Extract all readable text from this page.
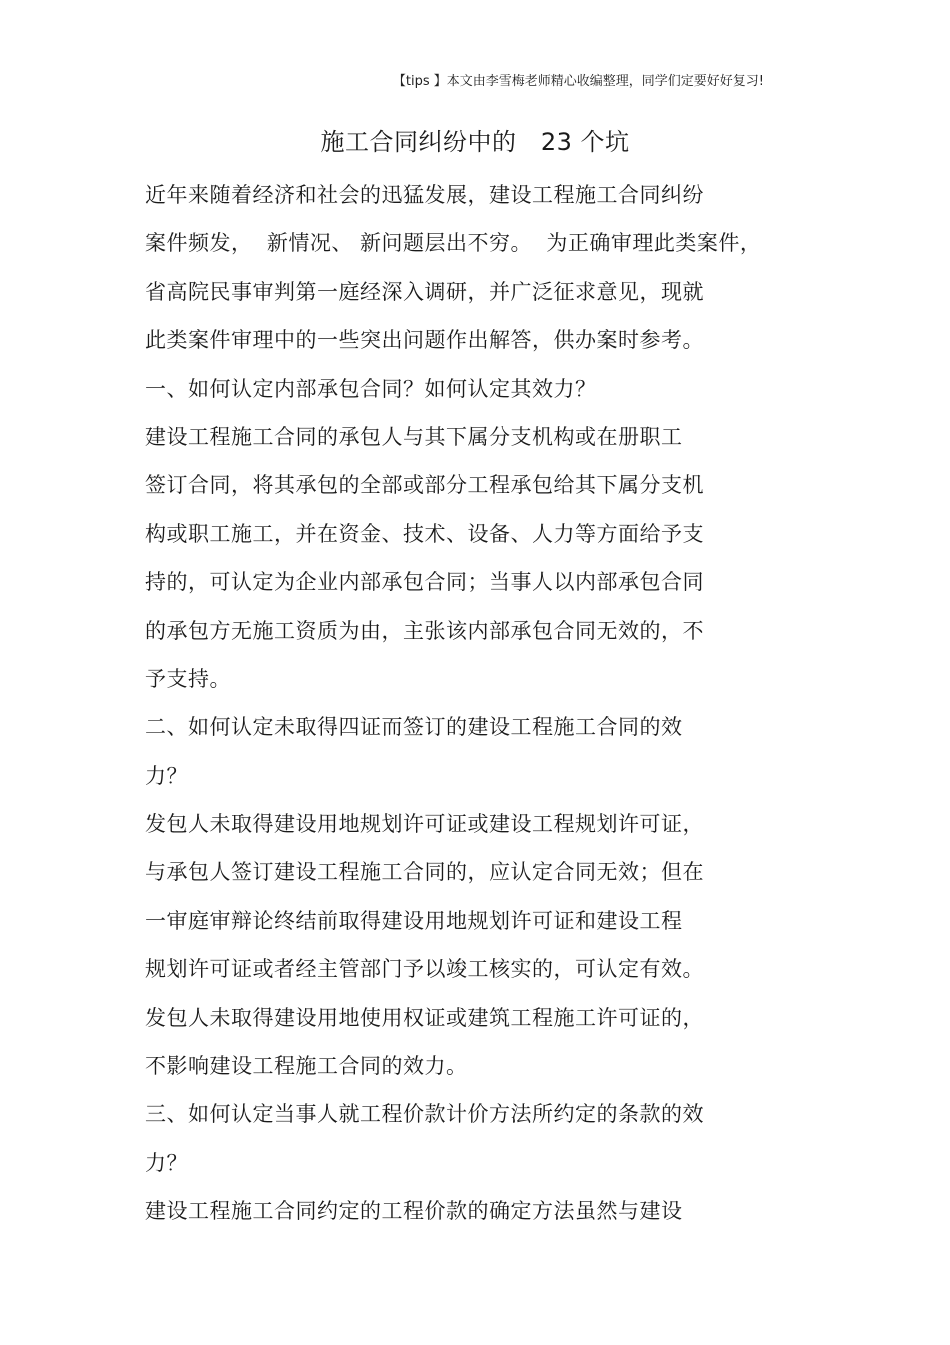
【tips 】本文由李雪梅老师精心收编整理，同学们定要好好复习!
施工合同纠纷中的   23 个坑
近年来随着经济和社会的迅猛发展，建设工程施工合同纠纷
案件频发，  新情况、 新问题层出不穷。  为正确审理此类案件，
省高院民事审判第一庭经深入调研，并广泛征求意见，现就
此类案件审理中的一些突出问题作出解答，供办案时参考。
一、如何认定内部承包合同？如何认定其效力？
建设工程施工合同的承包人与其下属分支机构或在册职工
签订合同，将其承包的全部或部分工程承包给其下属分支机
构或职工施工，并在资金、技术、设备、人力等方面给予支
持的，可认定为企业内部承包合同；当事人以内部承包合同
的承包方无施工资质为由，主张该内部承包合同无效的，不
予支持。
二、如何认定未取得四证而签订的建设工程施工合同的效
力？
发包人未取得建设用地规划许可证或建设工程规划许可证，
与承包人签订建设工程施工合同的，应认定合同无效；但在
一审庭审辩论终结前取得建设用地规划许可证和建设工程
规划许可证或者经主管部门予以竣工核实的，可认定有效。
发包人未取得建设用地使用权证或建筑工程施工许可证的，
不影响建设工程施工合同的效力。
三、如何认定当事人就工程价款计价方法所约定的条款的效
力？
建设工程施工合同约定的工程价款的确定方法虽然与建设
